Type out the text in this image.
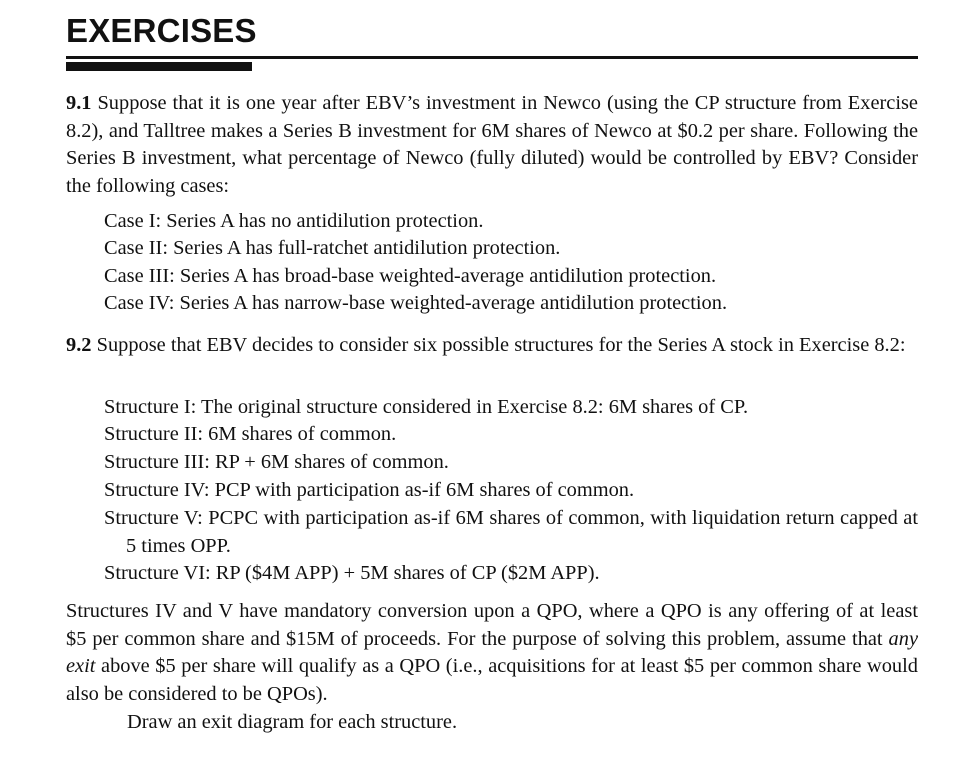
EXERCISES

9.1 Suppose that it is one year after EBV’s investment in Newco (using the CP structure from Exercise 8.2), and Talltree makes a Series B investment for 6M shares of Newco at $0.2 per share. Following the Series B investment, what percentage of Newco (fully diluted) would be controlled by EBV? Consider the following cases:

Case I: Series A has no antidilution protection.

Case II: Series A has full-ratchet antidilution protection.

Case III: Series A has broad-base weighted-average antidilution protection.

Case IV: Series A has narrow-base weighted-average antidilution protection.

9.2 Suppose that EBV decides to consider six possible structures for the Series A stock in Exercise 8.2:

Structure I: The original structure considered in Exercise 8.2: 6M shares of CP.

Structure II: 6M shares of common.

Structure III: RP + 6M shares of common.

Structure IV: PCP with participation as-if 6M shares of common.

Structure V: PCPC with participation as-if 6M shares of common, with liquidation return capped at 5 times OPP.

Structure VI: RP ($4M APP) + 5M shares of CP ($2M APP).

Structures IV and V have mandatory conversion upon a QPO, where a QPO is any offering of at least $5 per common share and $15M of proceeds. For the purpose of solving this problem, assume that any exit above $5 per share will qualify as a QPO (i.e., acquisitions for at least $5 per common share would also be considered to be QPOs).

Draw an exit diagram for each structure.
